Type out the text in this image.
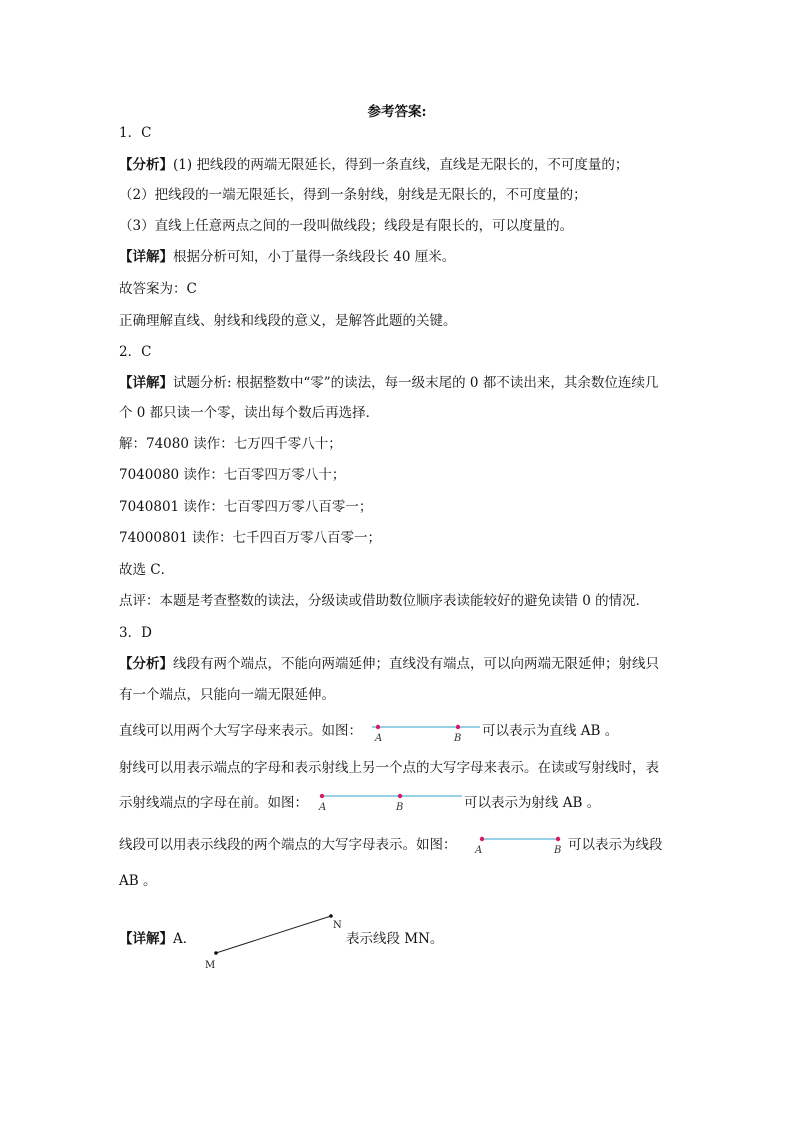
参考答案:
1．C
【分析】(1) 把线段的两端无限延长，得到一条直线，直线是无限长的，不可度量的；
（2）把线段的一端无限延长，得到一条射线，射线是无限长的，不可度量的；
（3）直线上任意两点之间的一段叫做线段；线段是有限长的，可以度量的。
【详解】根据分析可知，小丁量得一条线段长 40 厘米。
故答案为：C
正确理解直线、射线和线段的意义，是解答此题的关键。
2．C
【详解】试题分析: 根据整数中“零”的读法，每一级末尾的 0 都不读出来，其余数位连续几
个 0 都只读一个零，读出每个数后再选择．
解：74080 读作：七万四千零八十；
7040080 读作：七百零四万零八十；
7040801 读作：七百零四万零八百零一；
74000801 读作：七千四百万零八百零一；
故选 C．
点评：本题是考查整数的读法，分级读或借助数位顺序表读能较好的避免读错 0 的情况．
3．D
【分析】线段有两个端点，不能向两端延伸；直线没有端点，可以向两端无限延伸；射线只
有一个端点，只能向一端无限延伸。
直线可以用两个大写字母来表示。如图： A	B 可以表示为直线 AB 。
射线可以用表示端点的字母和表示射线上另一个点的大写字母来表示。在读或写射线时，表
示射线端点的字母在前。如图： A	B	可以表示为射线 AB 。
线段可以用表示线段的两个端点的大写字母表示。如图： A	B 可以表示为线段
AB 。
【详解】A．
M
N
表示线段 MN。
